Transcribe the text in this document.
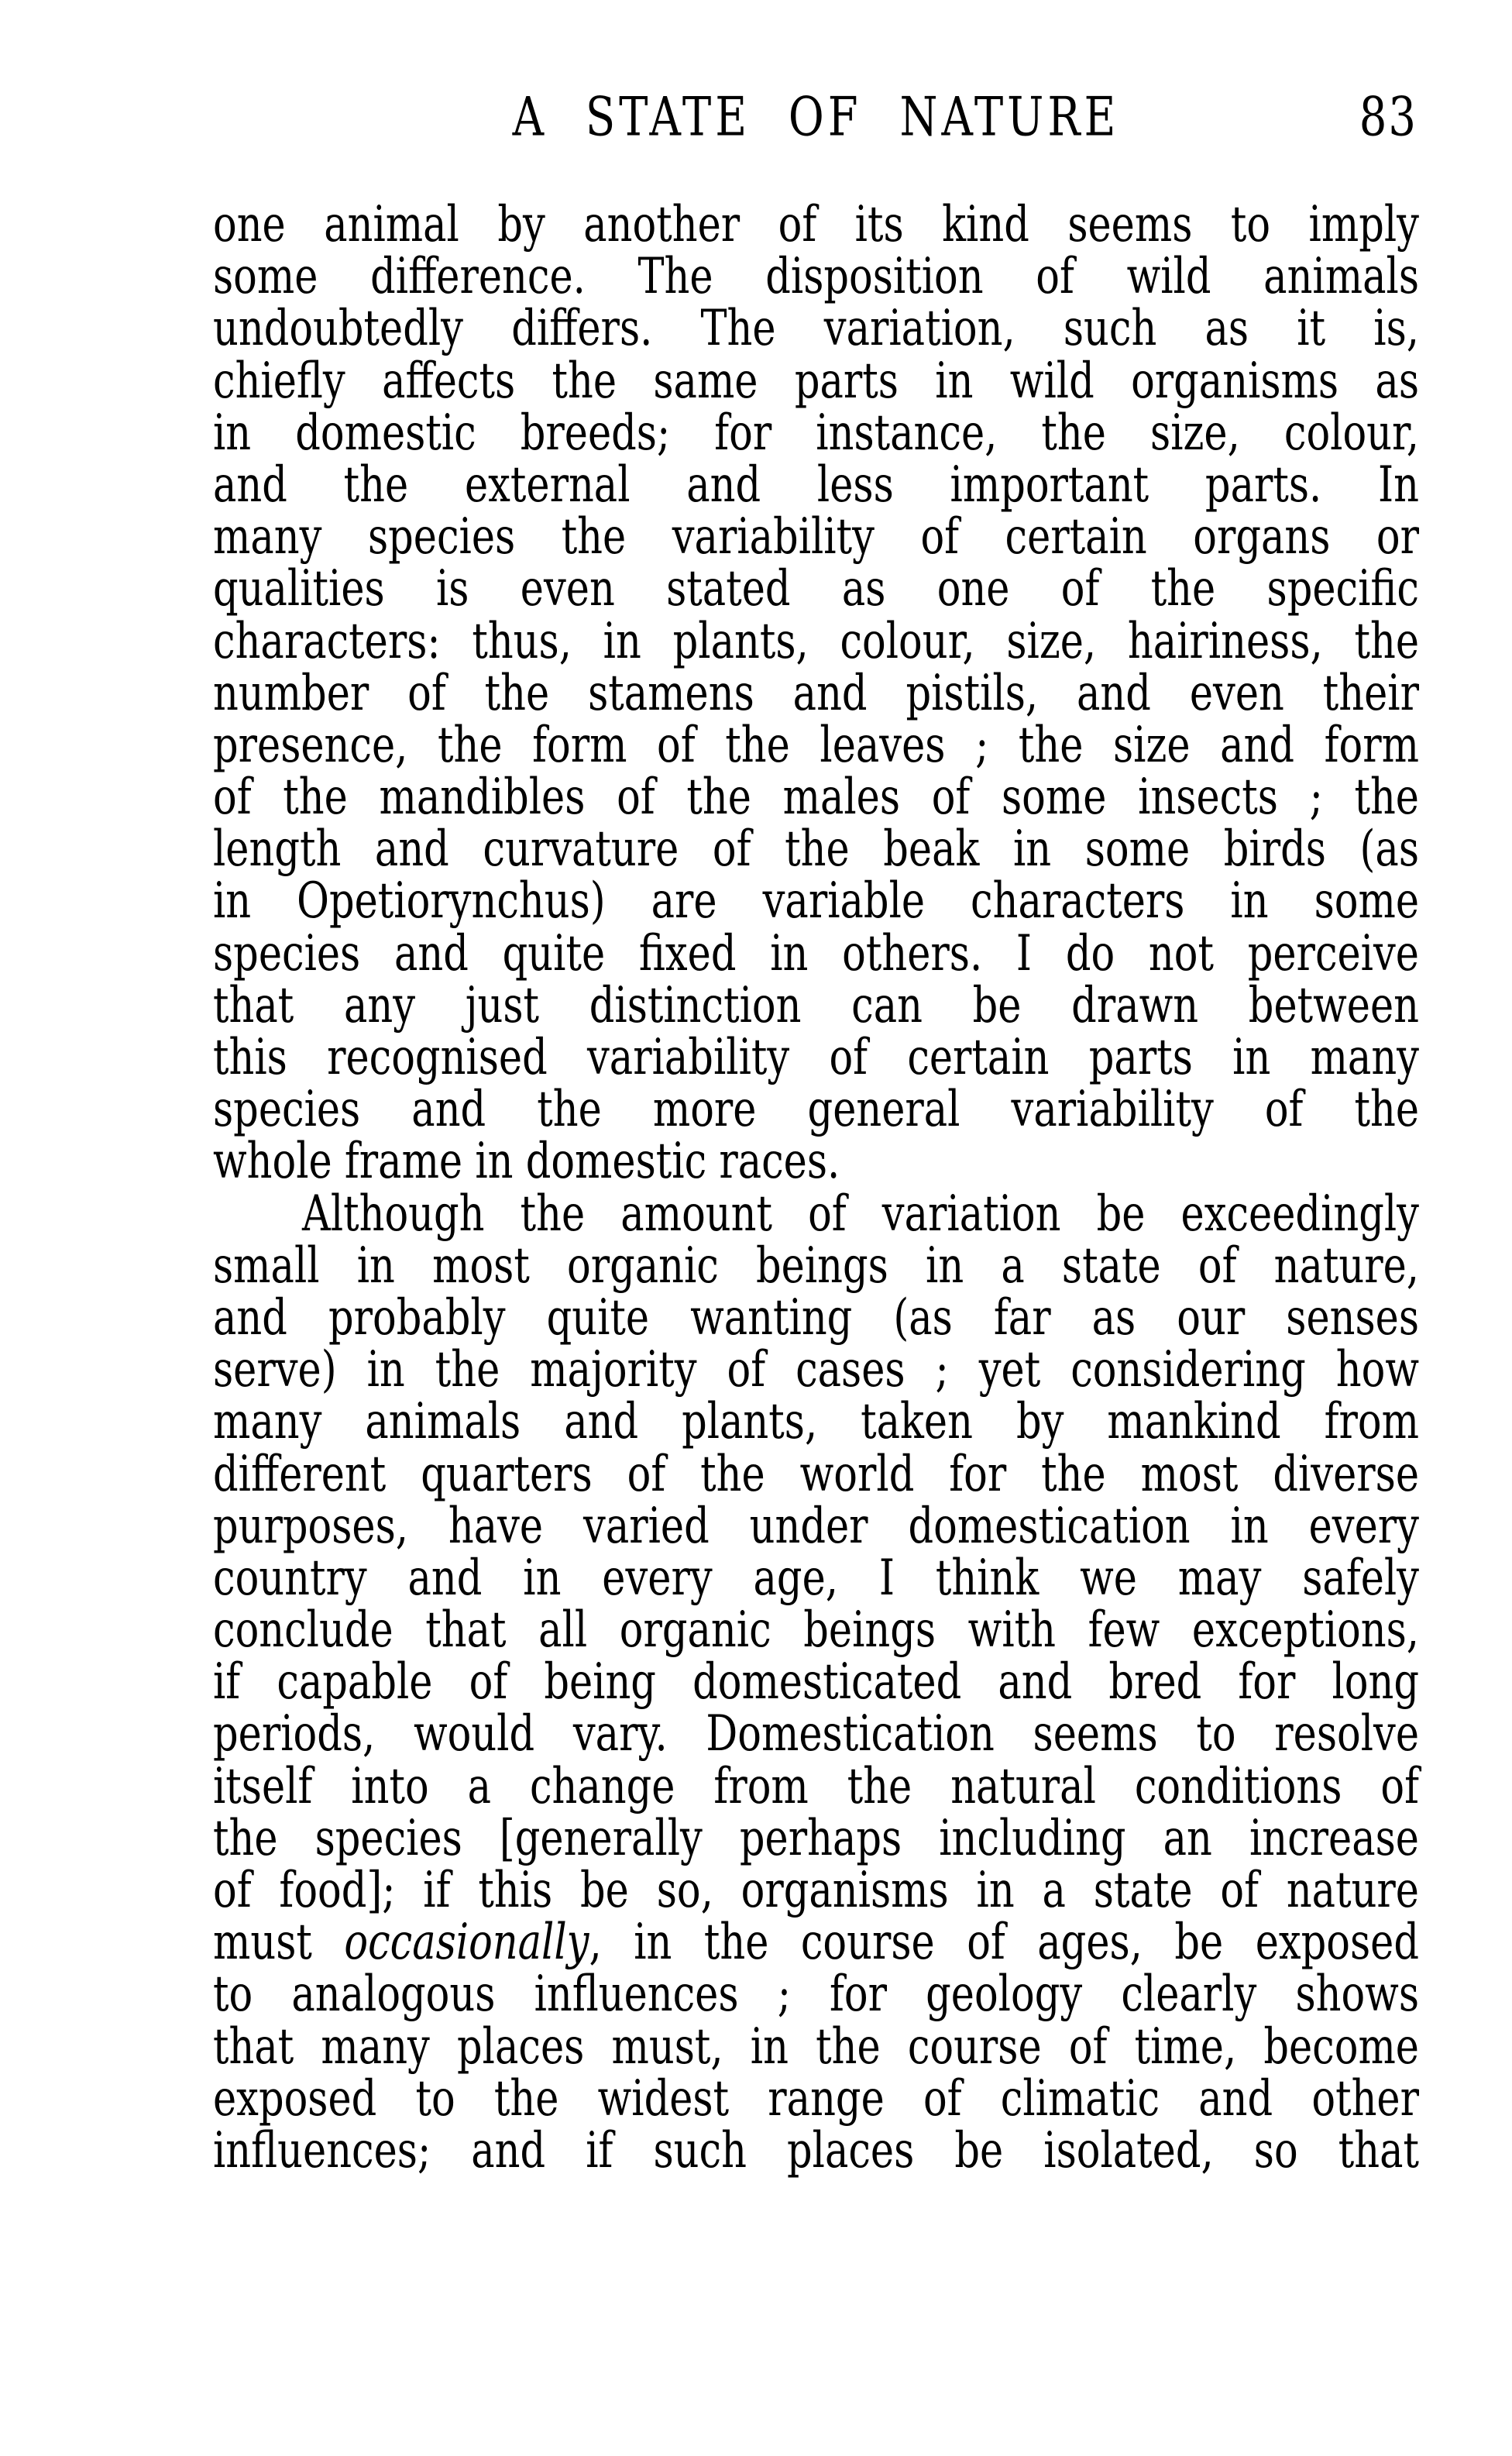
A STATE OF NATURE	83
one animal by another of its kind seems to imply
some difference. The disposition of wild animals
undoubtedly differs. The variation, such as it is,
chiefly affects the same parts in wild organisms as
in domestic breeds; for instance, the size, colour,
and the external and less important parts. In
many species the variability of certain organs or
qualities is even stated as one of the specific
characters: thus, in plants, colour, size, hairiness, the
number of the stamens and pistils, and even their
presence, the form of the leaves ; the size and form
of the mandibles of the males of some insects ; the
length and curvature of the beak in some birds (as
in Opetiorynchus) are variable characters in some
species and quite fixed in others. I do not perceive
that any just distinction can be drawn between
this recognised variability of certain parts in many
species and the more general variability of the
whole frame in domestic races.
Although the amount of variation be exceedingly
small in most organic beings in a state of nature,
and probably quite wanting (as far as our senses
serve) in the majority of cases ; yet considering how
many animals and plants, taken by mankind from
different quarters of the world for the most diverse
purposes, have varied under domestication in every
country and in every age, I think we may safely
conclude that all organic beings with few exceptions,
if capable of being domesticated and bred for long
periods, would vary. Domestication seems to resolve
itself into a change from the natural conditions of
the species [generally perhaps including an increase
of food]; if this be so, organisms in a state of nature
must occasionally, in the course of ages, be exposed
to analogous influences ; for geology clearly shows
that many places must, in the course of time, become
exposed to the widest range of climatic and other
influences; and if such places be isolated, so that
